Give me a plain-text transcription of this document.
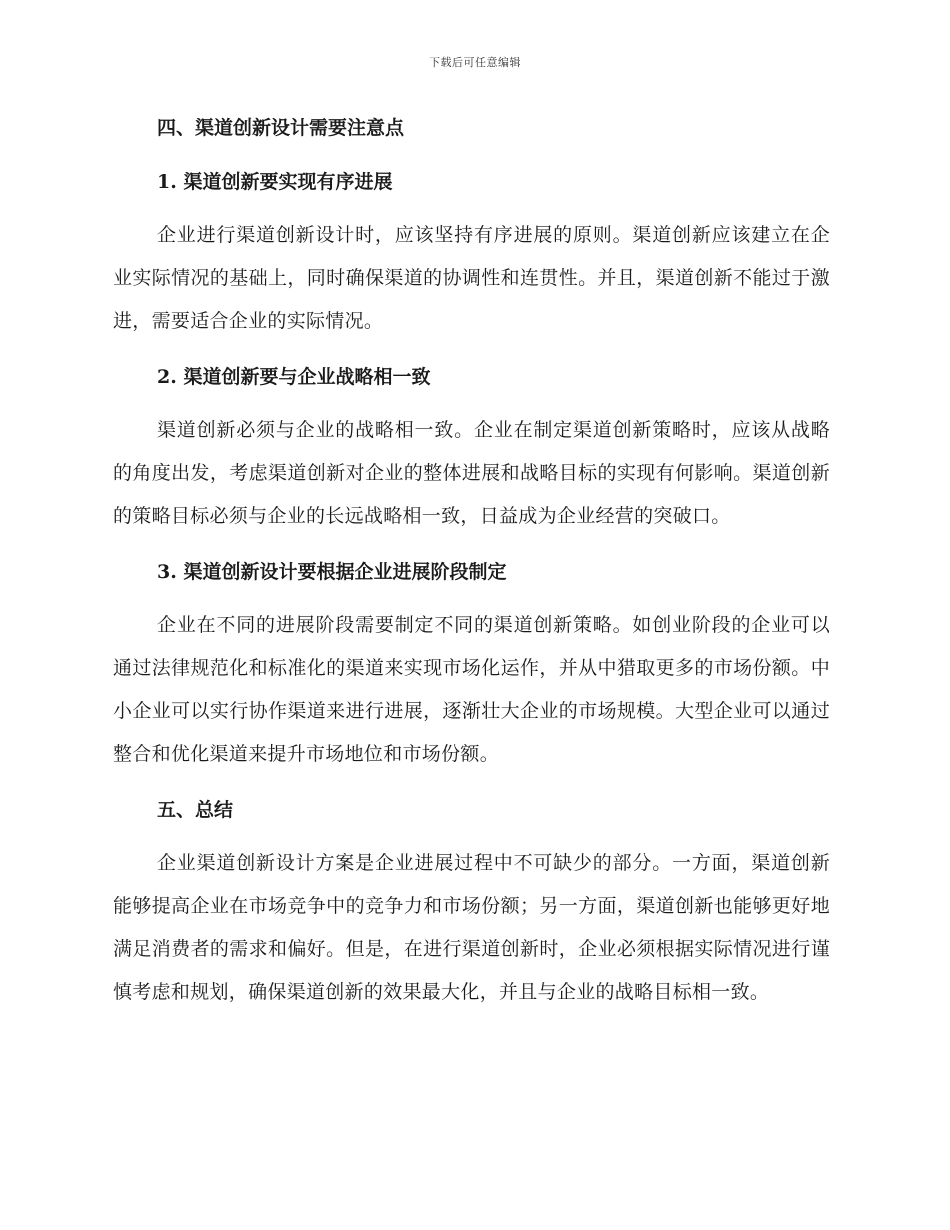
下载后可任意编辑
四、渠道创新设计需要注意点
1. 渠道创新要实现有序进展

企业进行渠道创新设计时，应该坚持有序进展的原则。渠道创新应该建立在企业实际情况的基础上，同时确保渠道的协调性和连贯性。并且，渠道创新不能过于激进，需要适合企业的实际情况。

2. 渠道创新要与企业战略相一致

渠道创新必须与企业的战略相一致。企业在制定渠道创新策略时，应该从战略的角度出发，考虑渠道创新对企业的整体进展和战略目标的实现有何影响。渠道创新的策略目标必须与企业的长远战略相一致，日益成为企业经营的突破口。

3. 渠道创新设计要根据企业进展阶段制定

企业在不同的进展阶段需要制定不同的渠道创新策略。如创业阶段的企业可以通过法律规范化和标准化的渠道来实现市场化运作，并从中猎取更多的市场份额。中小企业可以实行协作渠道来进行进展，逐渐壮大企业的市场规模。大型企业可以通过整合和优化渠道来提升市场地位和市场份额。

五、总结

企业渠道创新设计方案是企业进展过程中不可缺少的部分。一方面，渠道创新能够提高企业在市场竞争中的竞争力和市场份额；另一方面，渠道创新也能够更好地满足消费者的需求和偏好。但是，在进行渠道创新时，企业必须根据实际情况进行谨慎考虑和规划，确保渠道创新的效果最大化，并且与企业的战略目标相一致。
